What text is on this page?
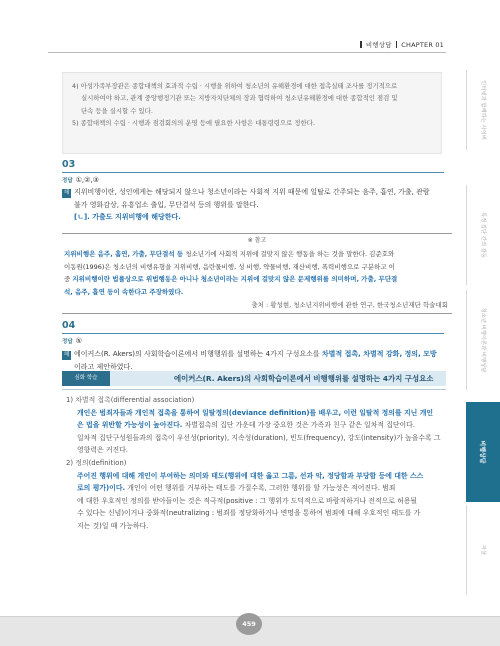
비행상담 CHAPTER 01
인터넷과 함께하는 사이버
특정 집단 간의 갈등
청소년 비행이론과 비행상담
비행상담
자살

4) 아성가족부장관은 종합대책의 효과적 수립 · 시행을 위하여 청소년의 유해환경에 대한 접촉실태 조사를 정기적으로

실시하여야 하고, 관계 중앙행정기관 또는 지방자치단체의 장과 협력하여 청소년유해환경에 대한 종합적인 점검 및

단속 등을 실시할 수 있다.

5) 종합대책의 수립 · 시행과 점검회의의 운영 등에 필요한 사항은 대통령령으로 정한다.

03
정답 ①,②,③
해 지위비행이란, 성인에게는 해당되지 않으나 청소년이라는 사회적 지위 때문에 일탈로 간주되는 음주, 흡연, 가출, 관람
불가 영화감상, 유흥업소 출입, 무단결석 등의 행위를 말한다.
[ㄴ]. 가출도 지위비행에 해당한다.
※ 참고
지위비행은 음주, 흡연, 가출, 무단결석 등 청소년기에 사회적 지위에 걸맞지 않은 행동을 하는 것을 말한다. 김준호와
이동원(1996)은 청소년의 비행유형을 지위비행, 음란물비행, 성 비행, 약물비행, 재산비행, 폭력비행으로 구분하고 이
중 지위비행이란 법률상으로 위법행동은 아니나 청소년이라는 지위에 걸맞지 않은 문제행위를 의미하며, 가출, 무단결
석, 음주, 흡연 등이 속한다고 주장하였다.
출처 : 황성현, 청소년지위비행에 관한 연구, 한국청소년재단 학술대회
04
정답 ⑤
해 에이커스(R. Akers)의 사회학습이론에서 비행행위를 설명하는 4가지 구성요소를 차별적 접촉, 차별적 강화, 정의, 모방
이라고 제안하였다.
심화 학습	에이커스(R. Akers)의 사회학습이론에서 비행행위를 설명하는 4가지 구성요소
1) 차별적 접촉(differential association)
개인은 범죄자들과 개인적 접촉을 통하여 일탈정의(deviance definition)를 배우고, 이런 일탈적 정의를 지닌 개인
은 법을 위반할 가능성이 높아진다. 차별접촉의 집단 가운데 가장 중요한 것은 가족과 친구 같은 일차적 집단이다.
일차적 집단구성원들과의 접촉이 우선성(priority), 지속성(duration), 빈도(frequency), 강도(intensity)가 높을수록 그
영향력은 커진다.
2) 정의(definition)
주어진 행위에 대해 개인이 부여하는 의미와 태도(행위에 대한 옳고 그름, 선과 악, 정당함과 부당함 등에 대한 스스
로의 평가)이다. 개인이 어떤 행위를 거부하는 태도를 가질수록, 그러한 행위를 할 가능성은 적어진다. 범죄
에 대한 우호적인 정의를 받아들이는 것은 적극적(positive : 그 행위가 도덕적으로 바람직하거나 전적으로 허용될
수 있다는 신념)이거나 중화적(neutralizing : 범죄를 정당화하거나 변명을 통하여 범죄에 대해 우호적인 태도를 가
지는 것)일 때 가능하다.
459
